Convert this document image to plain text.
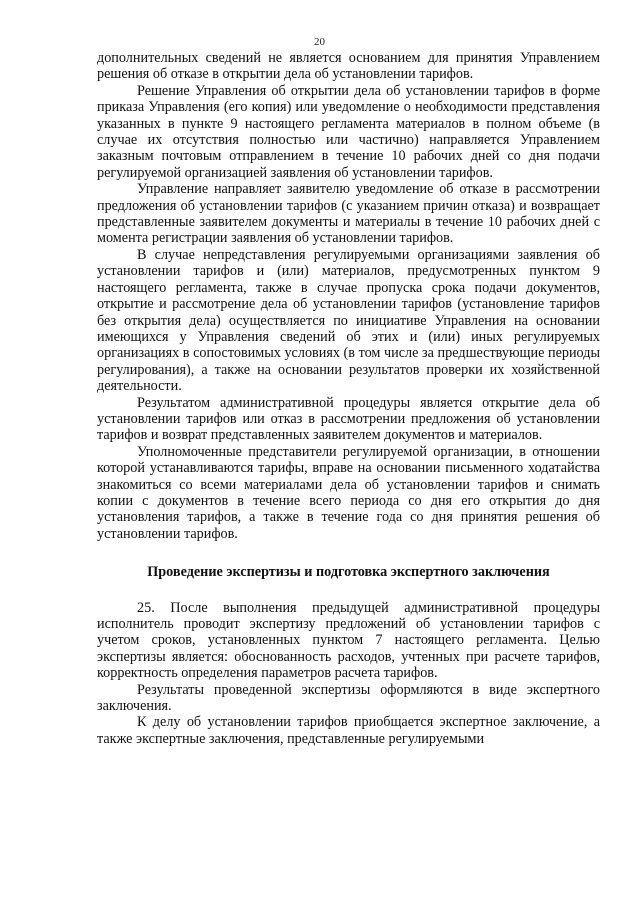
20

дополнительных сведений не является основанием для принятия Управлением решения об отказе в открытии дела об установлении тарифов.

Решение Управления об открытии дела об установлении тарифов в форме приказа Управления (его копия) или уведомление о необходимости представления указанных в пункте 9 настоящего регламента материалов в полном объеме (в случае их отсутствия полностью или частично) направляется Управлением заказным почтовым отправлением в течение 10 рабочих дней со дня подачи регулируемой организацией заявления об установлении тарифов.

Управление направляет заявителю уведомление об отказе в рассмотрении предложения об установлении тарифов (с указанием причин отказа) и возвращает представленные заявителем документы и материалы в течение 10 рабочих дней с момента регистрации заявления об установлении тарифов.

В случае непредставления регулируемыми организациями заявления об установлении тарифов и (или) материалов, предусмотренных пунктом 9 настоящего регламента, также в случае пропуска срока подачи документов, открытие и рассмотрение дела об установлении тарифов (установление тарифов без открытия дела) осуществляется по инициативе Управления на основании имеющихся у Управления сведений об этих и (или) иных регулируемых организациях в сопостовимых условиях (в том числе за предшествующие периоды регулирования), а также на основании результатов проверки их хозяйственной деятельности.

Результатом административной процедуры является открытие дела об установлении тарифов или отказ в рассмотрении предложения об установлении тарифов и возврат представленных заявителем документов и материалов.

Уполномоченные представители регулируемой организации, в отношении которой устанавливаются тарифы, вправе на основании письменного ходатайства знакомиться со всеми материалами дела об установлении тарифов и снимать копии с документов в течение всего периода со дня его открытия до дня установления тарифов, а также в течение года со дня принятия решения об установлении тарифов.

Проведение экспертизы и подготовка экспертного заключения

25. После выполнения предыдущей административной процедуры исполнитель проводит экспертизу предложений об установлении тарифов с учетом сроков, установленных пунктом 7 настоящего регламента. Целью экспертизы является: обоснованность расходов, учтенных при расчете тарифов, корректность определения параметров расчета тарифов.

Результаты проведенной экспертизы оформляются в виде экспертного заключения.

К делу об установлении тарифов приобщается экспертное заключение, а также экспертные заключения, представленные регулируемыми
